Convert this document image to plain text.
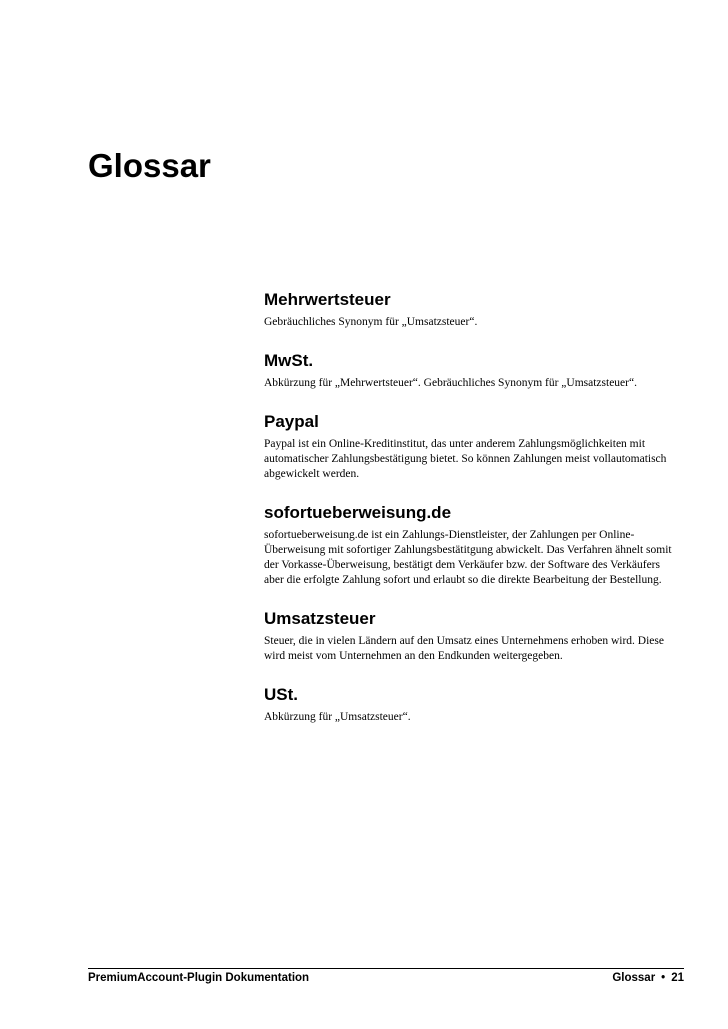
Glossar
Mehrwertsteuer

Gebräuchliches Synonym für „Umsatzsteuer“.

MwSt.

Abkürzung für „Mehrwertsteuer“. Gebräuchliches Synonym für „Umsatzsteuer“.

Paypal

Paypal ist ein Online-Kreditinstitut, das unter anderem Zahlungsmöglichkeiten mit automatischer Zahlungsbestätigung bietet. So können Zahlungen meist vollautomatisch abgewickelt werden.

sofortueberweisung.de

sofortueberweisung.de ist ein Zahlungs-Dienstleister, der Zahlungen per Online-Überweisung mit sofortiger Zahlungsbestätitgung abwickelt. Das Verfahren ähnelt somit der Vorkasse-Überweisung, bestätigt dem Verkäufer bzw. der Software des Verkäufers aber die erfolgte Zahlung sofort und erlaubt so die direkte Bearbeitung der Bestellung.

Umsatzsteuer

Steuer, die in vielen Ländern auf den Umsatz eines Unternehmens erhoben wird. Diese wird meist vom Unternehmen an den Endkunden weitergegeben.

USt.

Abkürzung für „Umsatzsteuer“.

PremiumAccount-Plugin Dokumentation	Glossar • 21
